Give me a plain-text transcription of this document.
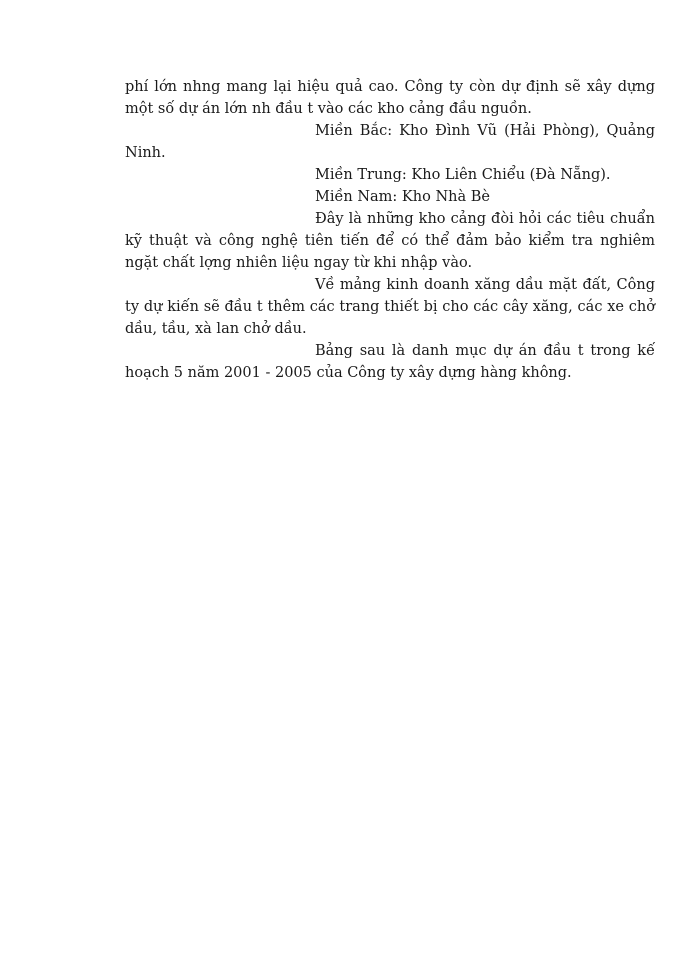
phí lớn nhng mang lại hiệu quả cao. Công ty còn dự định sẽ xây dựng một số dự án lớn nh đầu t vào các kho cảng đầu nguồn.

Miền Bắc: Kho Đình Vũ (Hải Phòng), Quảng Ninh.

Miền Trung: Kho Liên Chiểu (Đà Nẵng).

Miền Nam: Kho Nhà Bè

Đây là những kho cảng đòi hỏi các tiêu chuẩn kỹ thuật và công nghệ tiên tiến để có thể đảm bảo kiểm tra nghiêm ngặt chất lợng nhiên liệu ngay từ khi nhập vào.

Về mảng kinh doanh xăng dầu mặt đất, Công ty dự kiến sẽ đầu t thêm các trang thiết bị cho các cây xăng, các xe chở dầu, tầu, xà lan chở dầu.

Bảng sau là danh mục dự án đầu t trong kế hoạch 5 năm 2001 - 2005 của Công ty xây dựng hàng không.
